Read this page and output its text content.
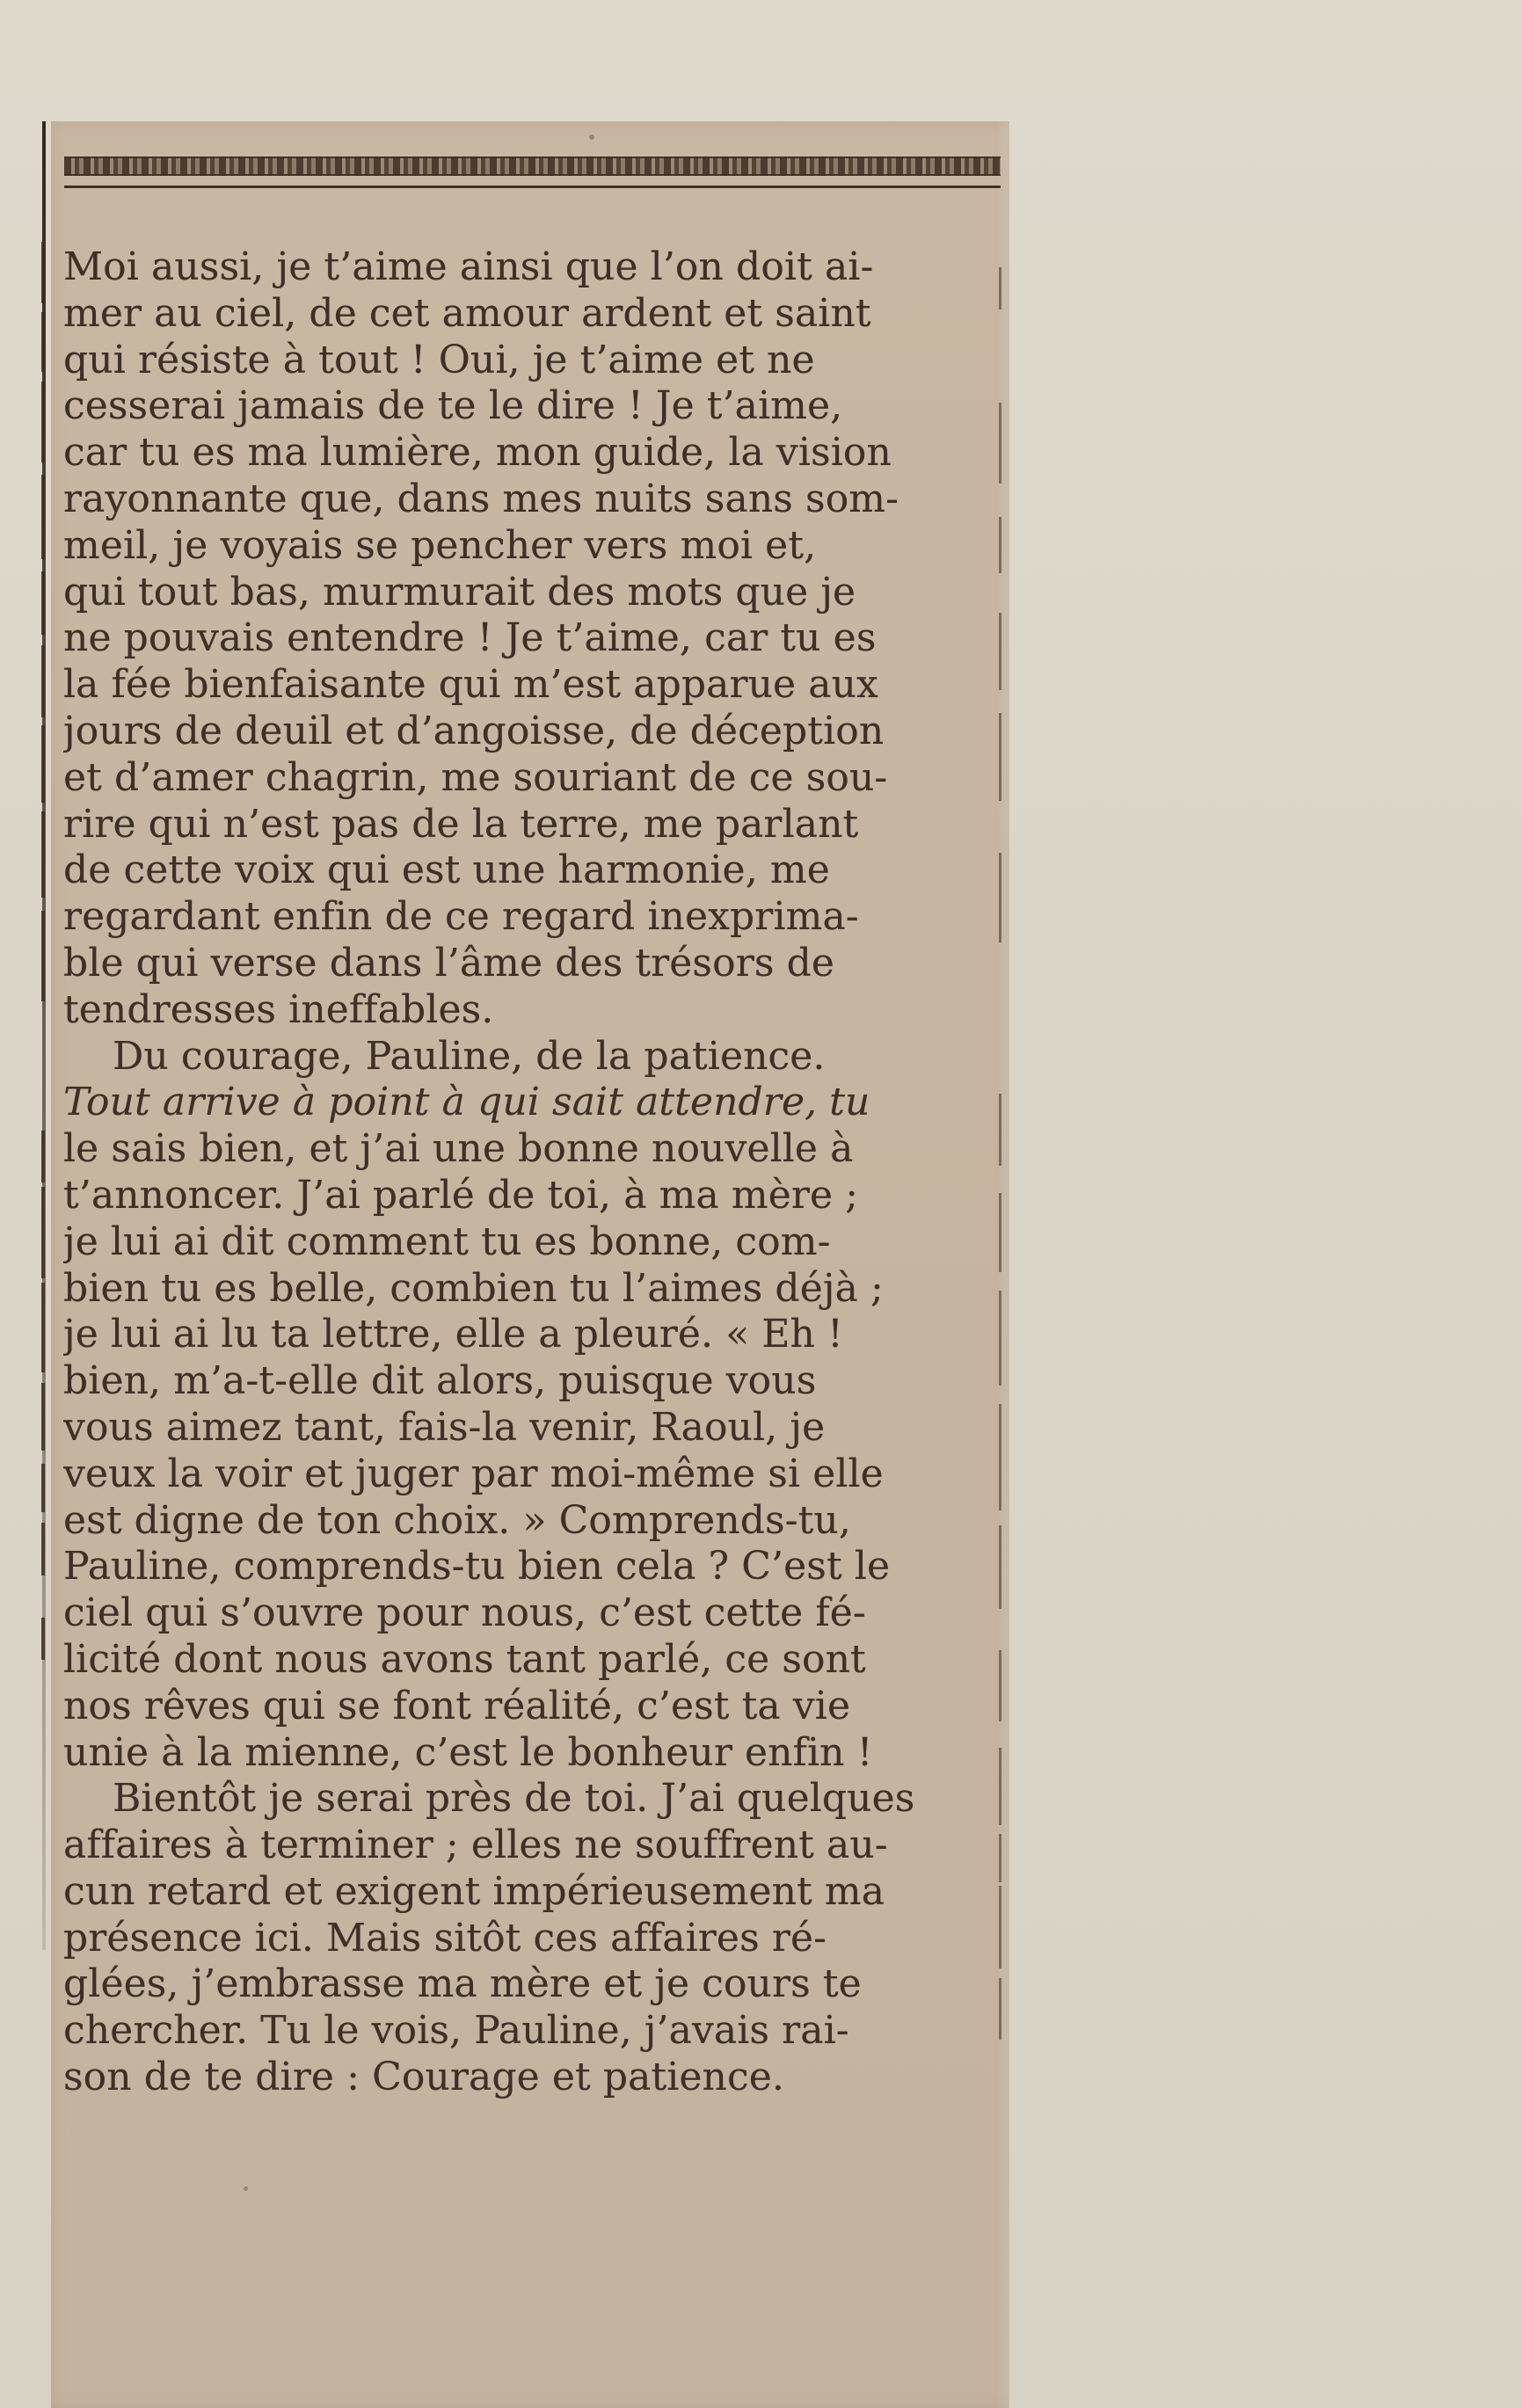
Moi aussi, je t’aime ainsi que l’on doit ai-
mer au ciel, de cet amour ardent et saint
qui résiste à tout ! Oui, je t’aime et ne
cesserai jamais de te le dire ! Je t’aime,
car tu es ma lumière, mon guide, la vision
rayonnante que, dans mes nuits sans som-
meil, je voyais se pencher vers moi et,
qui tout bas, murmurait des mots que je
ne pouvais entendre ! Je t’aime, car tu es
la fée bienfaisante qui m’est apparue aux
jours de deuil et d’angoisse, de déception
et d’amer chagrin, me souriant de ce sou-
rire qui n’est pas de la terre, me parlant
de cette voix qui est une harmonie, me
regardant enfin de ce regard inexprima-
ble qui verse dans l’âme des trésors de
tendresses ineffables.
Du courage, Pauline, de la patience.
Tout arrive à point à qui sait attendre, tu
le sais bien, et j’ai une bonne nouvelle à
t’annoncer. J’ai parlé de toi, à ma mère ;
je lui ai dit comment tu es bonne, com-
bien tu es belle, combien tu l’aimes déjà ;
je lui ai lu ta lettre, elle a pleuré. « Eh !
bien, m’a-t-elle dit alors, puisque vous
vous aimez tant, fais-la venir, Raoul, je
veux la voir et juger par moi-même si elle
est digne de ton choix. » Comprends-tu,
Pauline, comprends-tu bien cela ? C’est le
ciel qui s’ouvre pour nous, c’est cette fé-
licité dont nous avons tant parlé, ce sont
nos rêves qui se font réalité, c’est ta vie
unie à la mienne, c’est le bonheur enfin !
Bientôt je serai près de toi. J’ai quelques
affaires à terminer ; elles ne souffrent au-
cun retard et exigent impérieusement ma
présence ici. Mais sitôt ces affaires ré-
glées, j’embrasse ma mère et je cours te
chercher. Tu le vois, Pauline, j’avais rai-
son de te dire : Courage et patience.
